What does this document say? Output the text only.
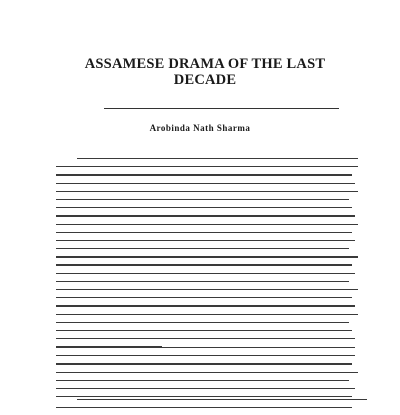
ASSAMESE DRAMA OF THE LAST DECADE

Arobinda Nath Sharma
